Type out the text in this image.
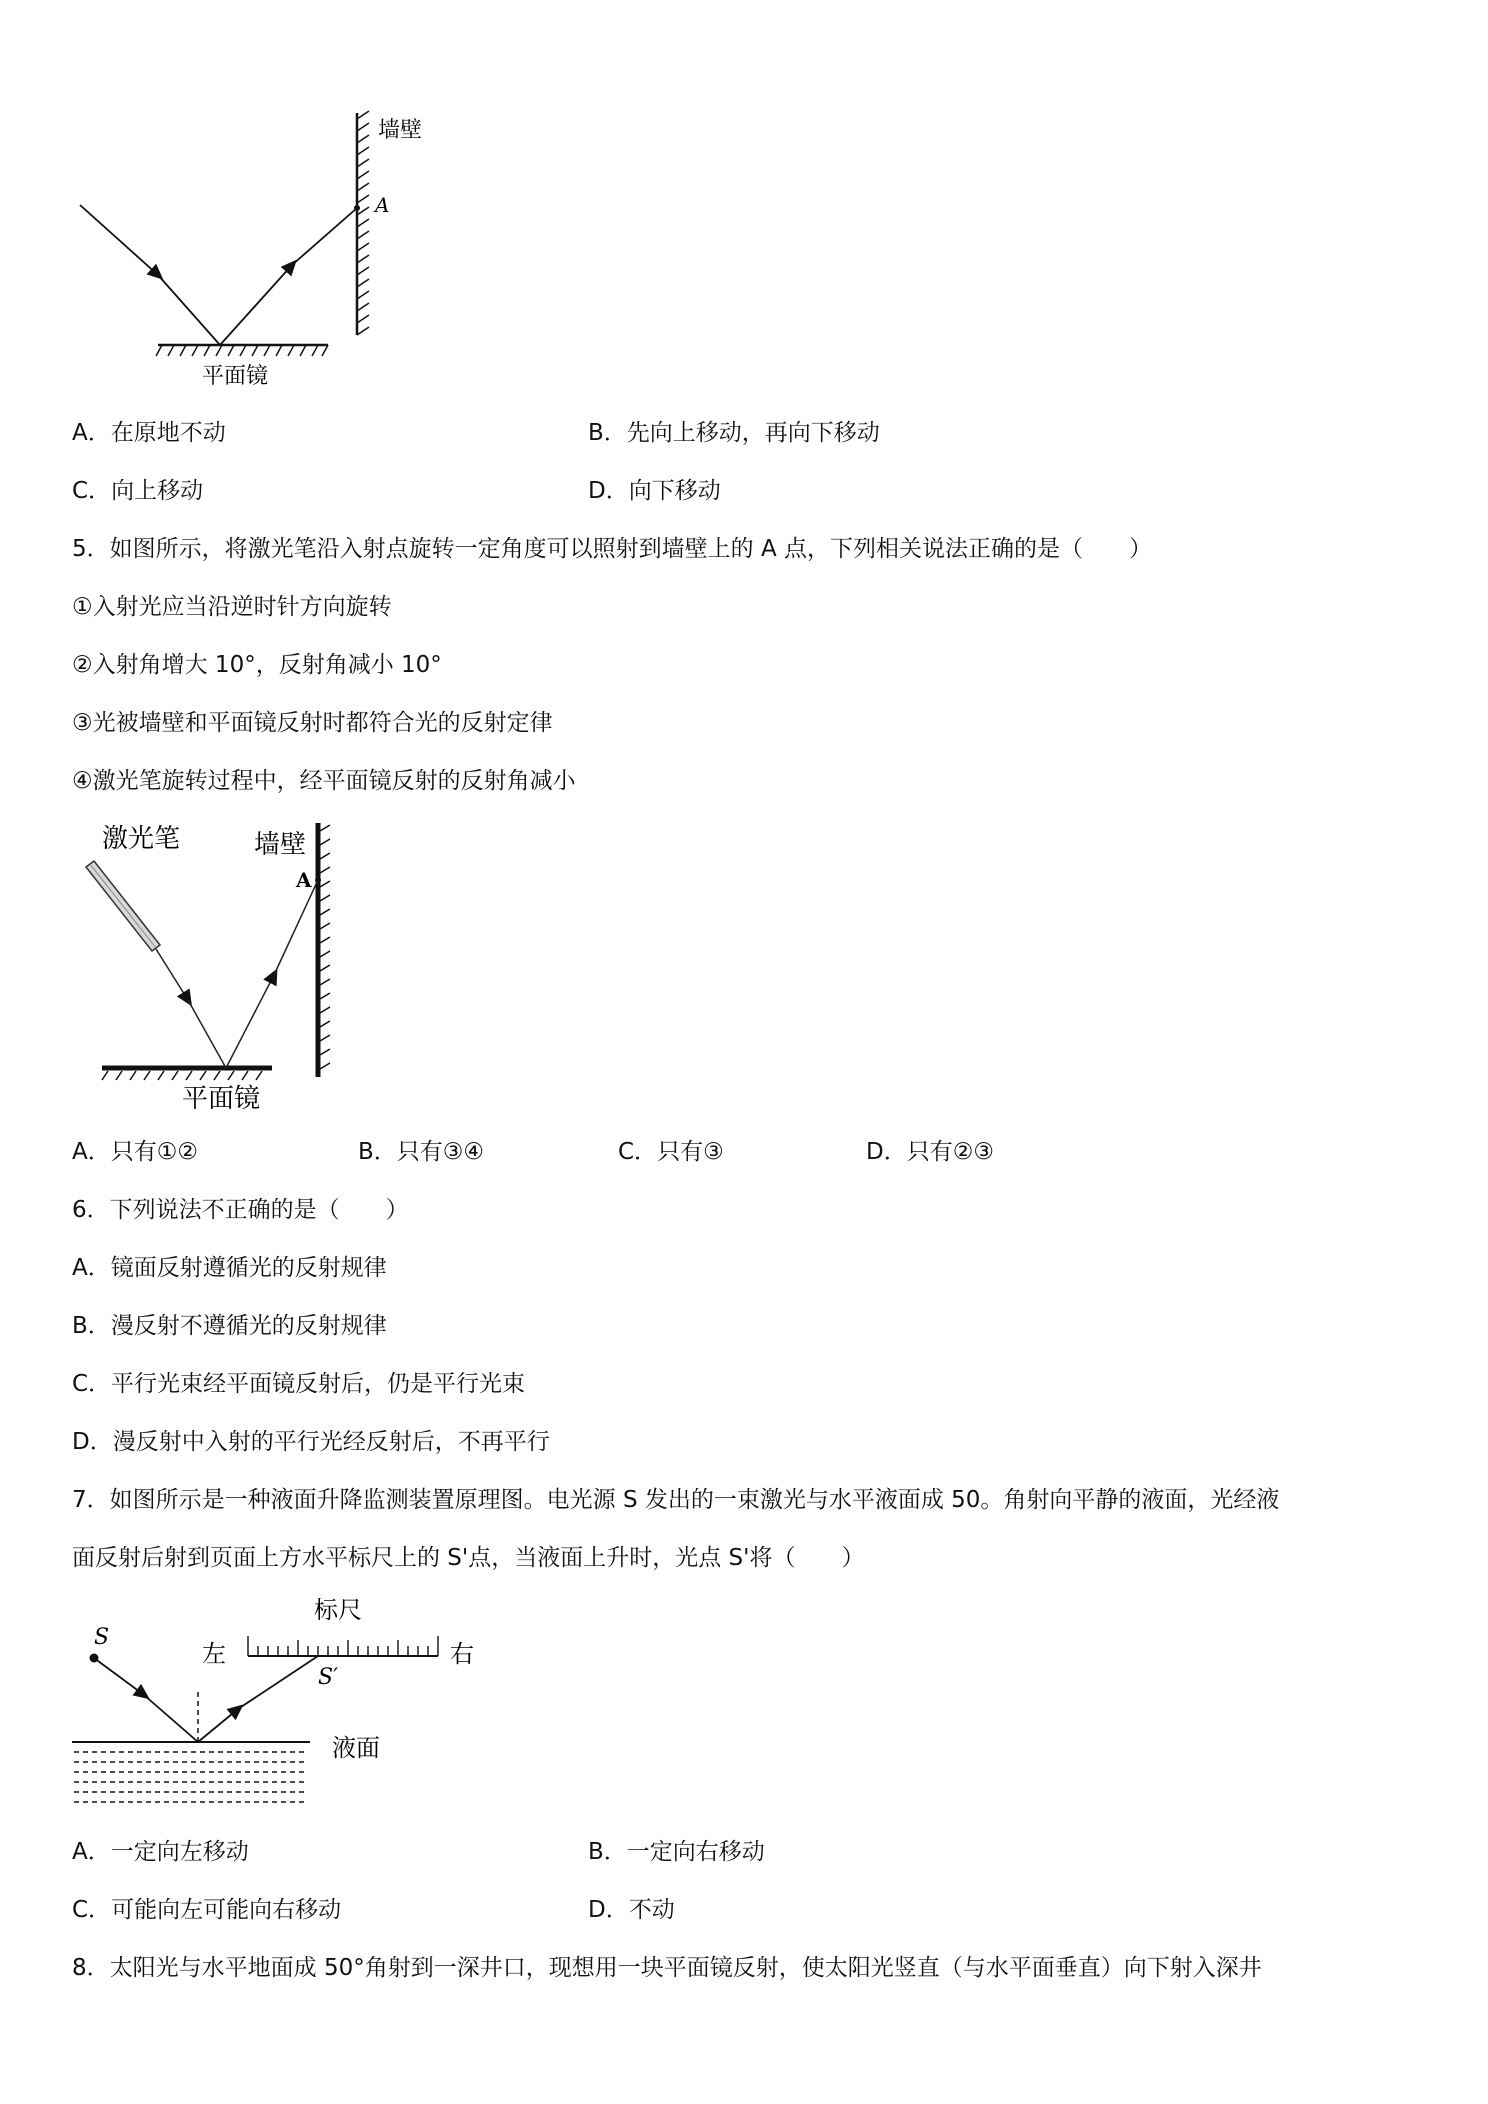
墙壁
A
平面镜
A．在原地不动	B．先向上移动，再向下移动
C．向上移动	D．向下移动
5．如图所示，将激光笔沿入射点旋转一定角度可以照射到墙壁上的 A 点，下列相关说法正确的是（　　）
①入射光应当沿逆时针方向旋转
②入射角增大 10°，反射角减小 10°
③光被墙壁和平面镜反射时都符合光的反射定律
④激光笔旋转过程中，经平面镜反射的反射角减小
激光笔	墙壁
A
平面镜
A．只有①②	B．只有③④	C．只有③	D．只有②③
6．下列说法不正确的是（　　）
A．镜面反射遵循光的反射规律
B．漫反射不遵循光的反射规律
C．平行光束经平面镜反射后，仍是平行光束
D．漫反射中入射的平行光经反射后，不再平行
7．如图所示是一种液面升降监测装置原理图。电光源 S 发出的一束激光与水平液面成 50。角射向平静的液面，光经液
面反射后射到页面上方水平标尺上的 S'点，当液面上升时，光点 S'将（　　）
标尺
S
左	右
S′
液面
A．一定向左移动	B．一定向右移动
C．可能向左可能向右移动	D．不动
8．太阳光与水平地面成 50°角射到一深井口，现想用一块平面镜反射，使太阳光竖直（与水平面垂直）向下射入深井
